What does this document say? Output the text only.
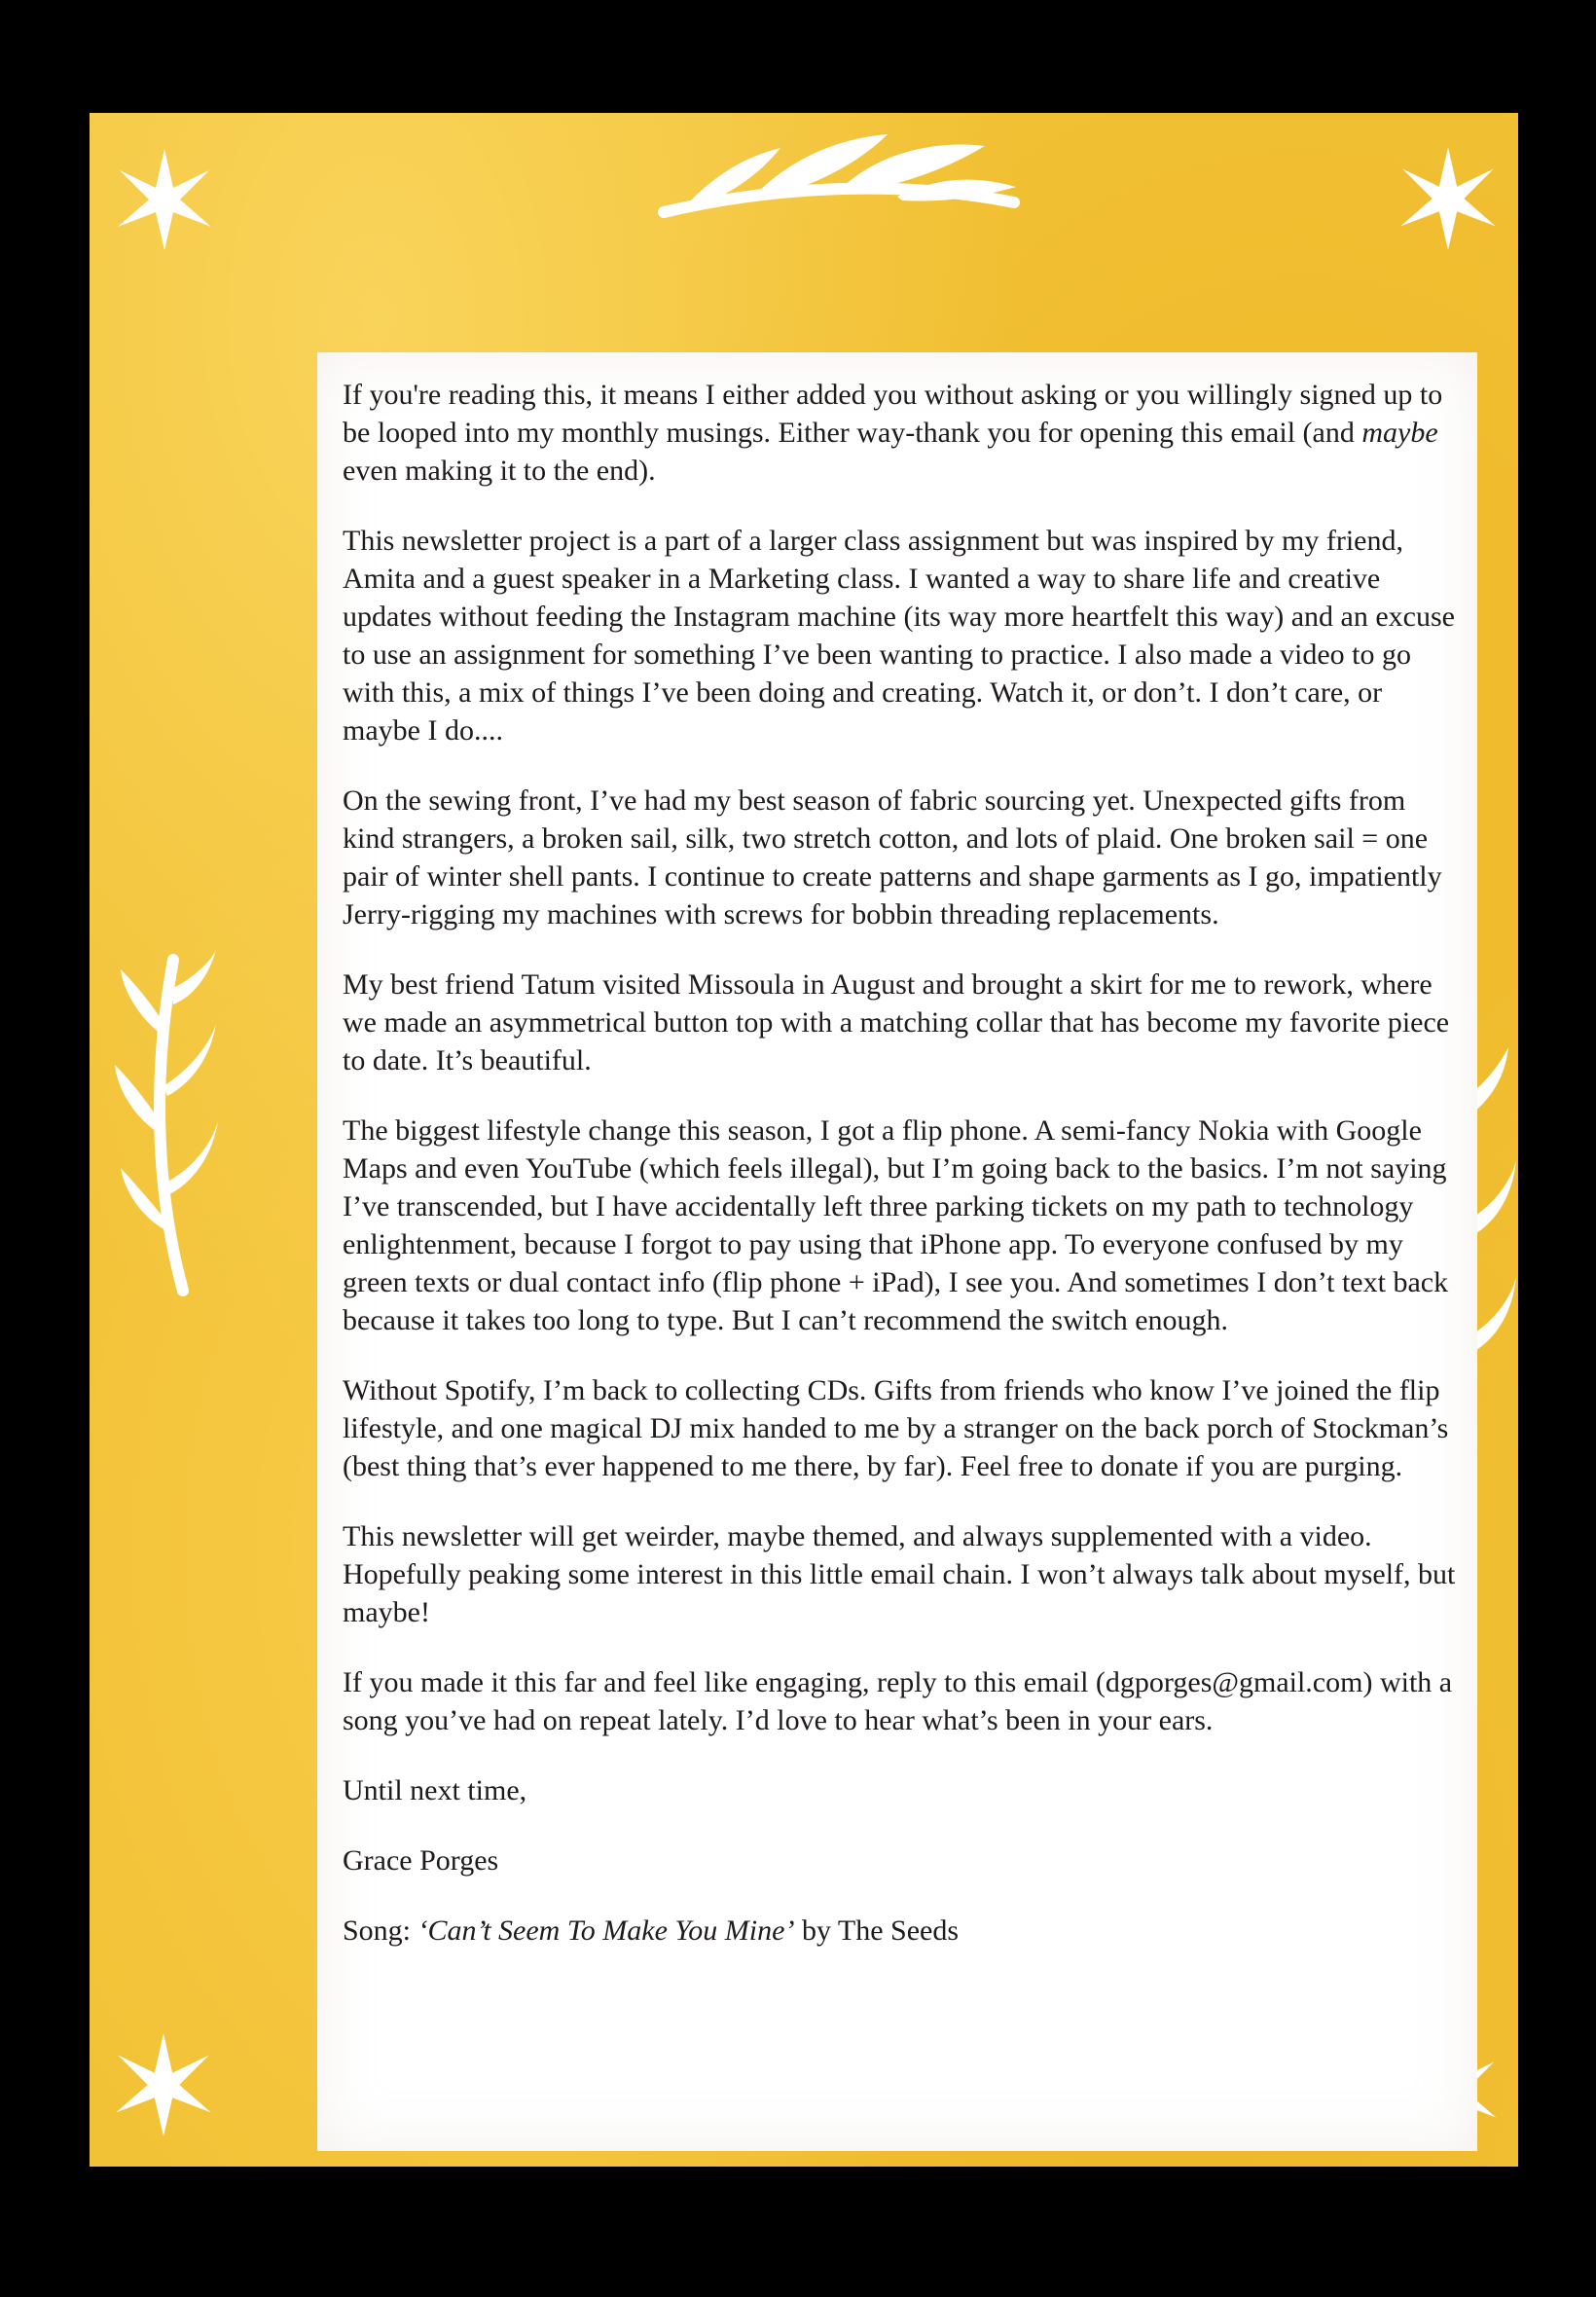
If you're reading this, it means I either added you without asking or you willingly signed up to be looped into my monthly musings. Either way-thank you for opening this email (and maybe even making it to the end).

This newsletter project is a part of a larger class assignment but was inspired by my friend, Amita and a guest speaker in a Marketing class. I wanted a way to share life and creative updates without feeding the Instagram machine (its way more heartfelt this way) and an excuse to use an assignment for something I’ve been wanting to practice. I also made a video to go with this, a mix of things I’ve been doing and creating. Watch it, or don’t. I don’t care, or maybe I do....

On the sewing front, I’ve had my best season of fabric sourcing yet. Unexpected gifts from kind strangers, a broken sail, silk, two stretch cotton, and lots of plaid. One broken sail = one pair of winter shell pants. I continue to create patterns and shape garments as I go, impatiently Jerry-rigging my machines with screws for bobbin threading replacements.

My best friend Tatum visited Missoula in August and brought a skirt for me to rework, where we made an asymmetrical button top with a matching collar that has become my favorite piece to date. It’s beautiful.

The biggest lifestyle change this season, I got a flip phone. A semi-fancy Nokia with Google Maps and even YouTube (which feels illegal), but I’m going back to the basics. I’m not saying I’ve transcended, but I have accidentally left three parking tickets on my path to technology enlightenment, because I forgot to pay using that iPhone app. To everyone confused by my green texts or dual contact info (flip phone + iPad), I see you. And sometimes I don’t text back because it takes too long to type. But I can’t recommend the switch enough.

Without Spotify, I’m back to collecting CDs. Gifts from friends who know I’ve joined the flip lifestyle, and one magical DJ mix handed to me by a stranger on the back porch of Stockman’s (best thing that’s ever happened to me there, by far). Feel free to donate if you are purging.

This newsletter will get weirder, maybe themed, and always supplemented with a video. Hopefully peaking some interest in this little email chain. I won’t always talk about myself, but maybe!

If you made it this far and feel like engaging, reply to this email (dgporges@gmail.com) with a song you’ve had on repeat lately. I’d love to hear what’s been in your ears.

Until next time,

Grace Porges

Song: ‘Can’t Seem To Make You Mine’ by The Seeds
